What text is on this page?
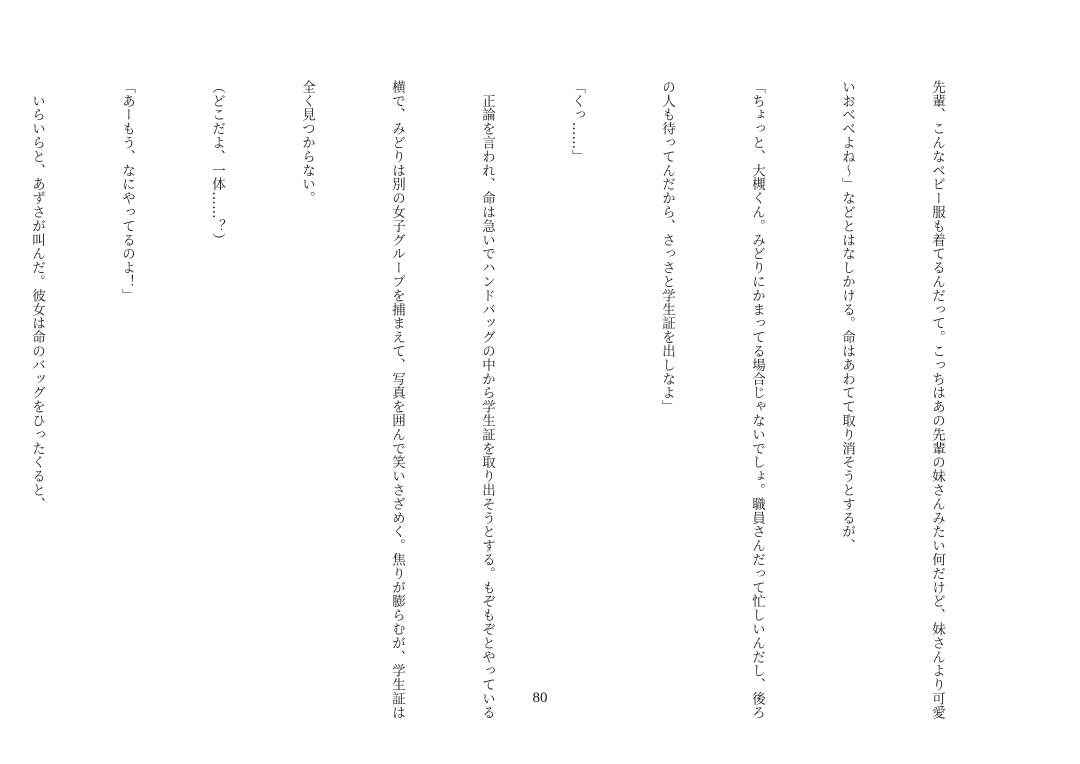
先輩、こんなベビー服も着てるんだって。こっちはあの先輩の妹さんみたい何だけど、妹さんより可愛

いおべべよね〜」などとはなしかける。命はあわてて取り消そうとするが、

「ちょっと、大槻くん。みどりにかまってる場合じゃないでしょ。職員さんだって忙しいんだし、後ろ

の人も待ってんだから、さっさと学生証を出しなよ」

「くっ……」

　正論を言われ、命は急いでハンドバッグの中から学生証を取り出そうとする。もぞもぞとやっている

横で、みどりは別の女子グループを捕まえて、写真を囲んで笑いさざめく。焦りが膨らむが、学生証は

全く見つからない。

（どこだよ、一体……？）

「あーもう、なにやってるのよ！」

　いらいらと、あずさが叫んだ。彼女は命のバッグをひったくると、

80
